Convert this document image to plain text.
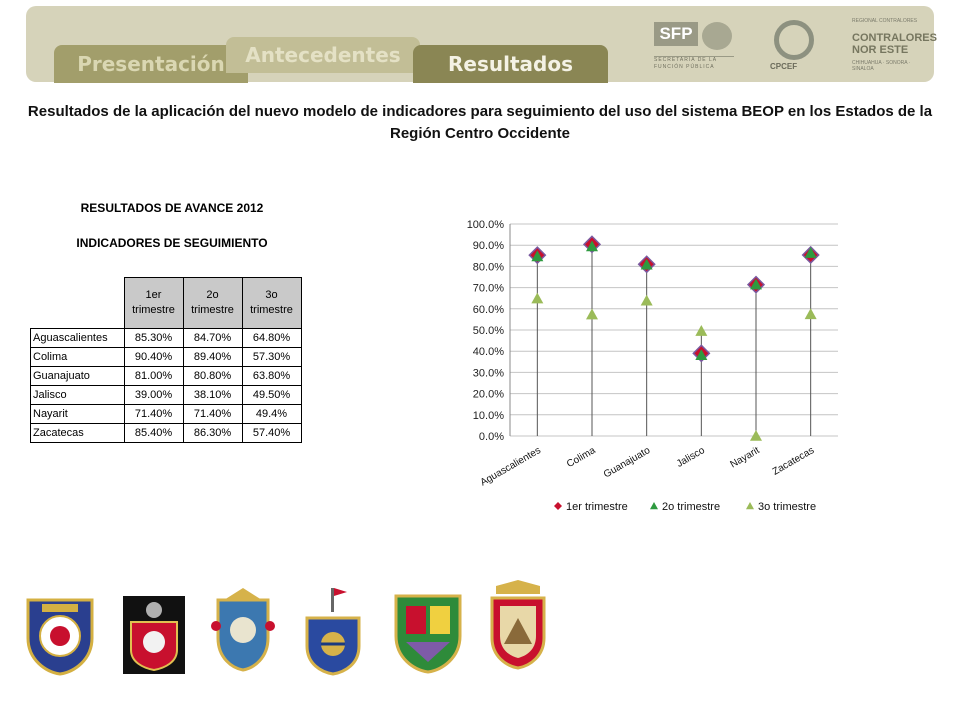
Presentación	Antecedentes	Resultados
SFP
SECRETARÍA DE LA FUNCIÓN PÚBLICA	CPCEF
REGIONAL CONTRALORES
CONTRALORES NOR ESTE
CHIHUAHUA · SONORA · SINALOA
Resultados de la aplicación del nuevo modelo de indicadores para seguimiento del uso del sistema BEOP en los Estados de la Región Centro Occidente
RESULTADOS DE AVANCE 2012
INDICADORES DE SEGUIMIENTO
	1er trimestre	2o trimestre	3o trimestre
Aguascalientes	85.30%	84.70%	64.80%
Colima	90.40%	89.40%	57.30%
Guanajuato	81.00%	80.80%	63.80%
Jalisco	39.00%	38.10%	49.50%
Nayarit	71.40%	71.40%	49.4%
Zacatecas	85.40%	86.30%	57.40%
100.0%
90.0%
80.0%
70.0%
60.0%
50.0%
40.0%
30.0%
20.0%
10.0%
0.0%
Aguascalientes Colima Guanajuato Jalisco Nayarit Zacatecas
1er trimestre	2o trimestre	3o trimestre
